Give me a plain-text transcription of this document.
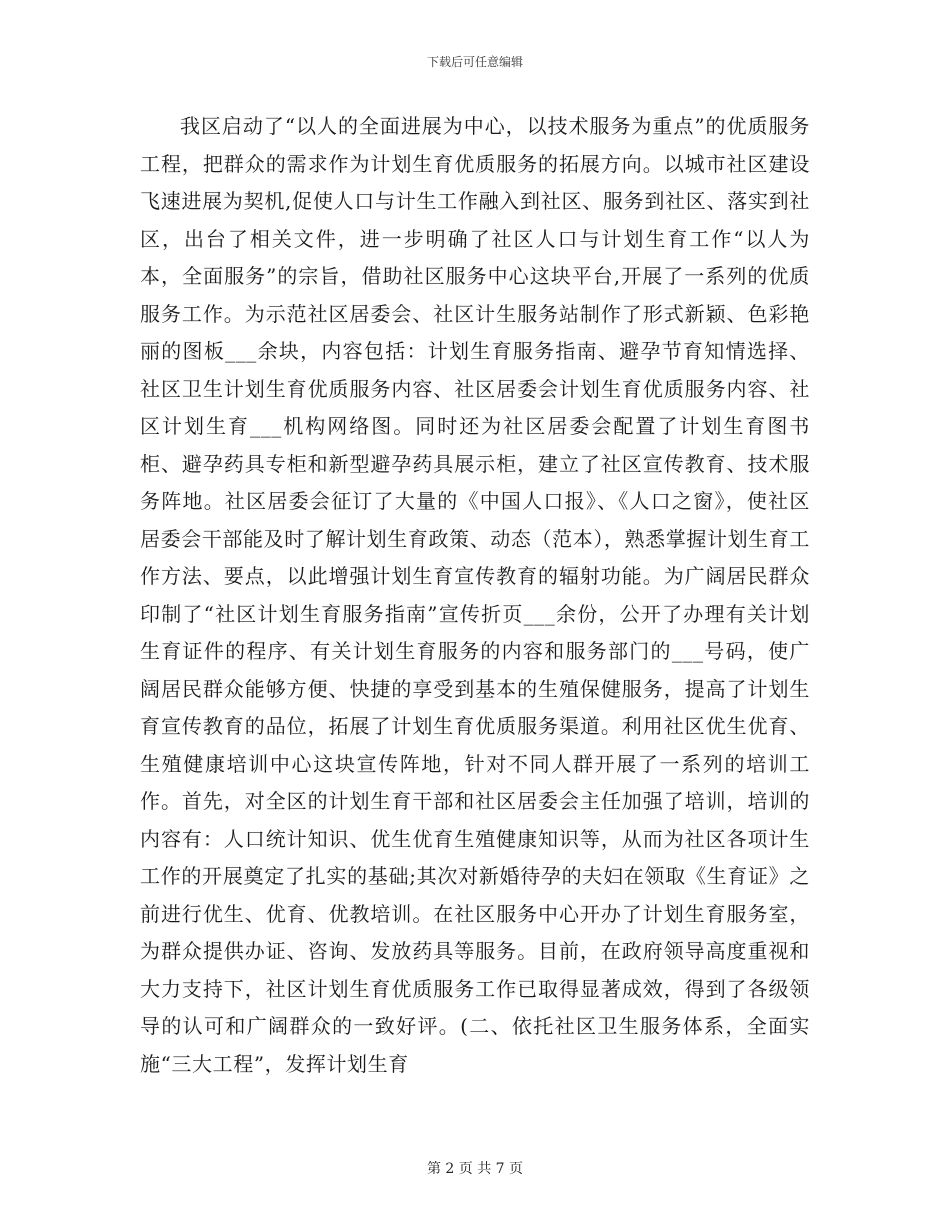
下载后可任意编辑

我区启动了“以人的全面进展为中心，以技术服务为重点”的优质服务工程，把群众的需求作为计划生育优质服务的拓展方向。以城市社区建设飞速进展为契机,促使人口与计生工作融入到社区、服务到社区、落实到社区，出台了相关文件，进一步明确了社区人口与计划生育工作“以人为本，全面服务”的宗旨，借助社区服务中心这块平台,开展了一系列的优质服务工作。为示范社区居委会、社区计生服务站制作了形式新颖、色彩艳丽的图板___余块，内容包括：计划生育服务指南、避孕节育知情选择、社区卫生计划生育优质服务内容、社区居委会计划生育优质服务内容、社区计划生育___机构网络图。同时还为社区居委会配置了计划生育图书柜、避孕药具专柜和新型避孕药具展示柜，建立了社区宣传教育、技术服务阵地。社区居委会征订了大量的《中国人口报》、《人口之窗》，使社区居委会干部能及时了解计划生育政策、动态（范本），熟悉掌握计划生育工作方法、要点，以此增强计划生育宣传教育的辐射功能。为广阔居民群众印制了“社区计划生育服务指南”宣传折页___余份，公开了办理有关计划生育证件的程序、有关计划生育服务的内容和服务部门的___号码，使广阔居民群众能够方便、快捷的享受到基本的生殖保健服务，提高了计划生育宣传教育的品位，拓展了计划生育优质服务渠道。利用社区优生优育、生殖健康培训中心这块宣传阵地，针对不同人群开展了一系列的培训工作。首先，对全区的计划生育干部和社区居委会主任加强了培训，培训的内容有：人口统计知识、优生优育生殖健康知识等，从而为社区各项计生工作的开展奠定了扎实的基础;其次对新婚待孕的夫妇在领取《生育证》之前进行优生、优育、优教培训。在社区服务中心开办了计划生育服务室，为群众提供办证、咨询、发放药具等服务。目前，在政府领导高度重视和大力支持下，社区计划生育优质服务工作已取得显著成效，得到了各级领导的认可和广阔群众的一致好评。(二、依托社区卫生服务体系，全面实施“三大工程”，发挥计划生育

第 2 页 共 7 页
